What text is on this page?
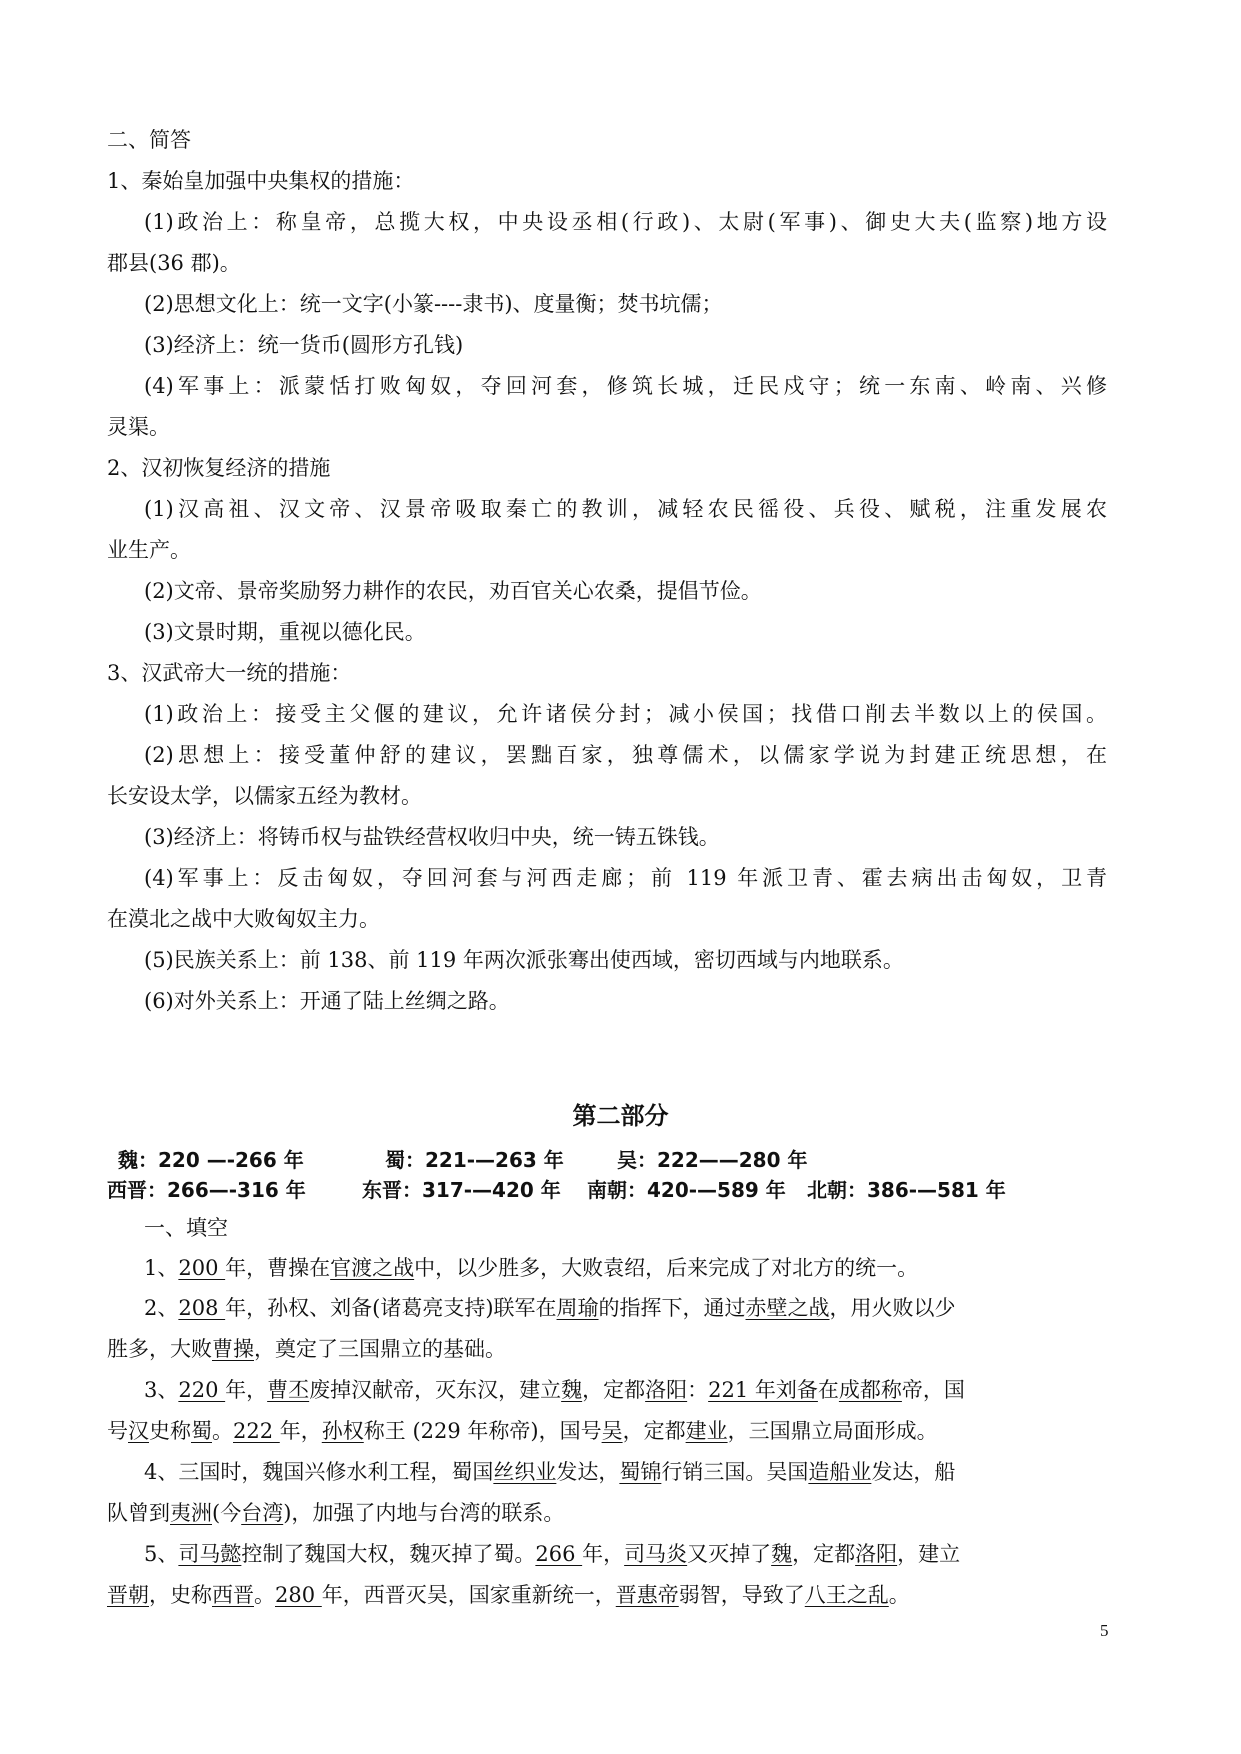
二、简答
1、秦始皇加强中央集权的措施：
(1)政治上：称皇帝，总揽大权，中央设丞相(行政)、太尉(军事)、御史大夫(监察)地方设
郡县(36 郡)。
(2)思想文化上：统一文字(小篆----隶书)、度量衡；焚书坑儒；
(3)经济上：统一货币(圆形方孔钱)
(4)军事上：派蒙恬打败匈奴，夺回河套，修筑长城，迁民戍守；统一东南、岭南、兴修
灵渠。
2、汉初恢复经济的措施
(1)汉高祖、汉文帝、汉景帝吸取秦亡的教训，减轻农民徭役、兵役、赋税，注重发展农
业生产。
(2)文帝、景帝奖励努力耕作的农民，劝百官关心农桑，提倡节俭。
(3)文景时期，重视以德化民。
3、汉武帝大一统的措施：
(1)政治上：接受主父偃的建议，允许诸侯分封；减小侯国；找借口削去半数以上的侯国。
(2)思想上：接受董仲舒的建议，罢黜百家，独尊儒术，以儒家学说为封建正统思想，在
长安设太学，以儒家五经为教材。
(3)经济上：将铸币权与盐铁经营权收归中央，统一铸五铢钱。
(4)军事上：反击匈奴，夺回河套与河西走廊；前 119 年派卫青、霍去病出击匈奴，卫青
在漠北之战中大败匈奴主力。
(5)民族关系上：前 138、前 119 年两次派张骞出使西域，密切西域与内地联系。
(6)对外关系上：开通了陆上丝绸之路。
第二部分
魏：220 —-266 年	蜀：221-—263 年	吴：222——280 年
西晋：266—-316 年	东晋：317-—420 年 南朝：420-—589 年 北朝：386-—581 年
一、填空
1、200 年，曹操在官渡之战中，以少胜多，大败袁绍，后来完成了对北方的统一。
2、208 年，孙权、刘备(诸葛亮支持)联军在周瑜的指挥下，通过赤壁之战，用火败以少
胜多，大败曹操，奠定了三国鼎立的基础。
3、220 年，曹丕废掉汉献帝，灭东汉，建立魏，定都洛阳：221 年刘备在成都称帝，国
号汉史称蜀。222 年，孙权称王 (229 年称帝)，国号吴，定都建业，三国鼎立局面形成。
4、三国时，魏国兴修水利工程，蜀国丝织业发达，蜀锦行销三国。吴国造船业发达，船
队曾到夷洲(今台湾)，加强了内地与台湾的联系。
5、司马懿控制了魏国大权，魏灭掉了蜀。266 年，司马炎又灭掉了魏，定都洛阳，建立
晋朝，史称西晋。280 年，西晋灭吴，国家重新统一，晋惠帝弱智，导致了八王之乱。
5
